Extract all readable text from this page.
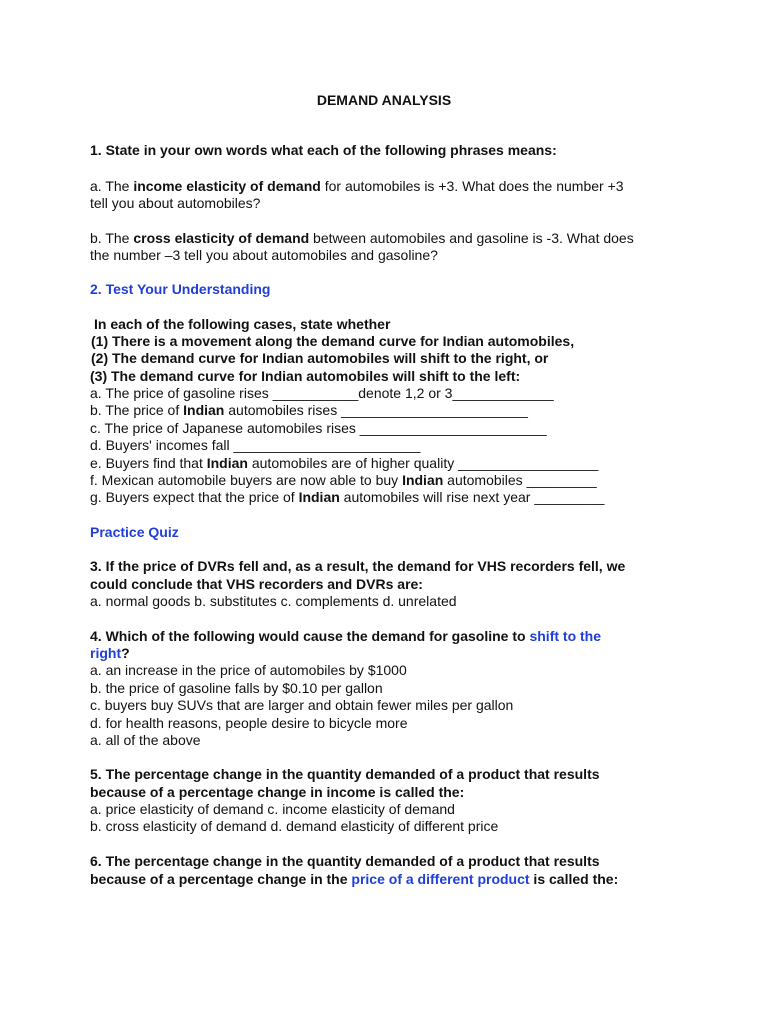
DEMAND ANALYSIS
1. State in your own words what each of the following phrases means:
a. The income elasticity of demand for automobiles is +3. What does the number +3
tell you about automobiles?
b. The cross elasticity of demand between automobiles and gasoline is -3. What does
the number –3 tell you about automobiles and gasoline?
2. Test Your Understanding
In each of the following cases, state whether
(1) There is a movement along the demand curve for Indian automobiles,
(2) The demand curve for Indian automobiles will shift to the right, or
(3) The demand curve for Indian automobiles will shift to the left:
a. The price of gasoline rises ___________denote 1,2 or 3_____________
b. The price of Indian automobiles rises ________________________
c. The price of Japanese automobiles rises ________________________
d. Buyers' incomes fall ________________________
e. Buyers find that Indian automobiles are of higher quality __________________
f. Mexican automobile buyers are now able to buy Indian automobiles _________
g. Buyers expect that the price of Indian automobiles will rise next year _________
Practice Quiz
3. If the price of DVRs fell and, as a result, the demand for VHS recorders fell, we
could conclude that VHS recorders and DVRs are:
a. normal goods b. substitutes c. complements d. unrelated
4. Which of the following would cause the demand for gasoline to shift to the
right?
a. an increase in the price of automobiles by $1000
b. the price of gasoline falls by $0.10 per gallon
c. buyers buy SUVs that are larger and obtain fewer miles per gallon
d. for health reasons, people desire to bicycle more
a. all of the above
5. The percentage change in the quantity demanded of a product that results
because of a percentage change in income is called the:
a. price elasticity of demand c. income elasticity of demand
b. cross elasticity of demand d. demand elasticity of different price
6. The percentage change in the quantity demanded of a product that results
because of a percentage change in the price of a different product is called the:
